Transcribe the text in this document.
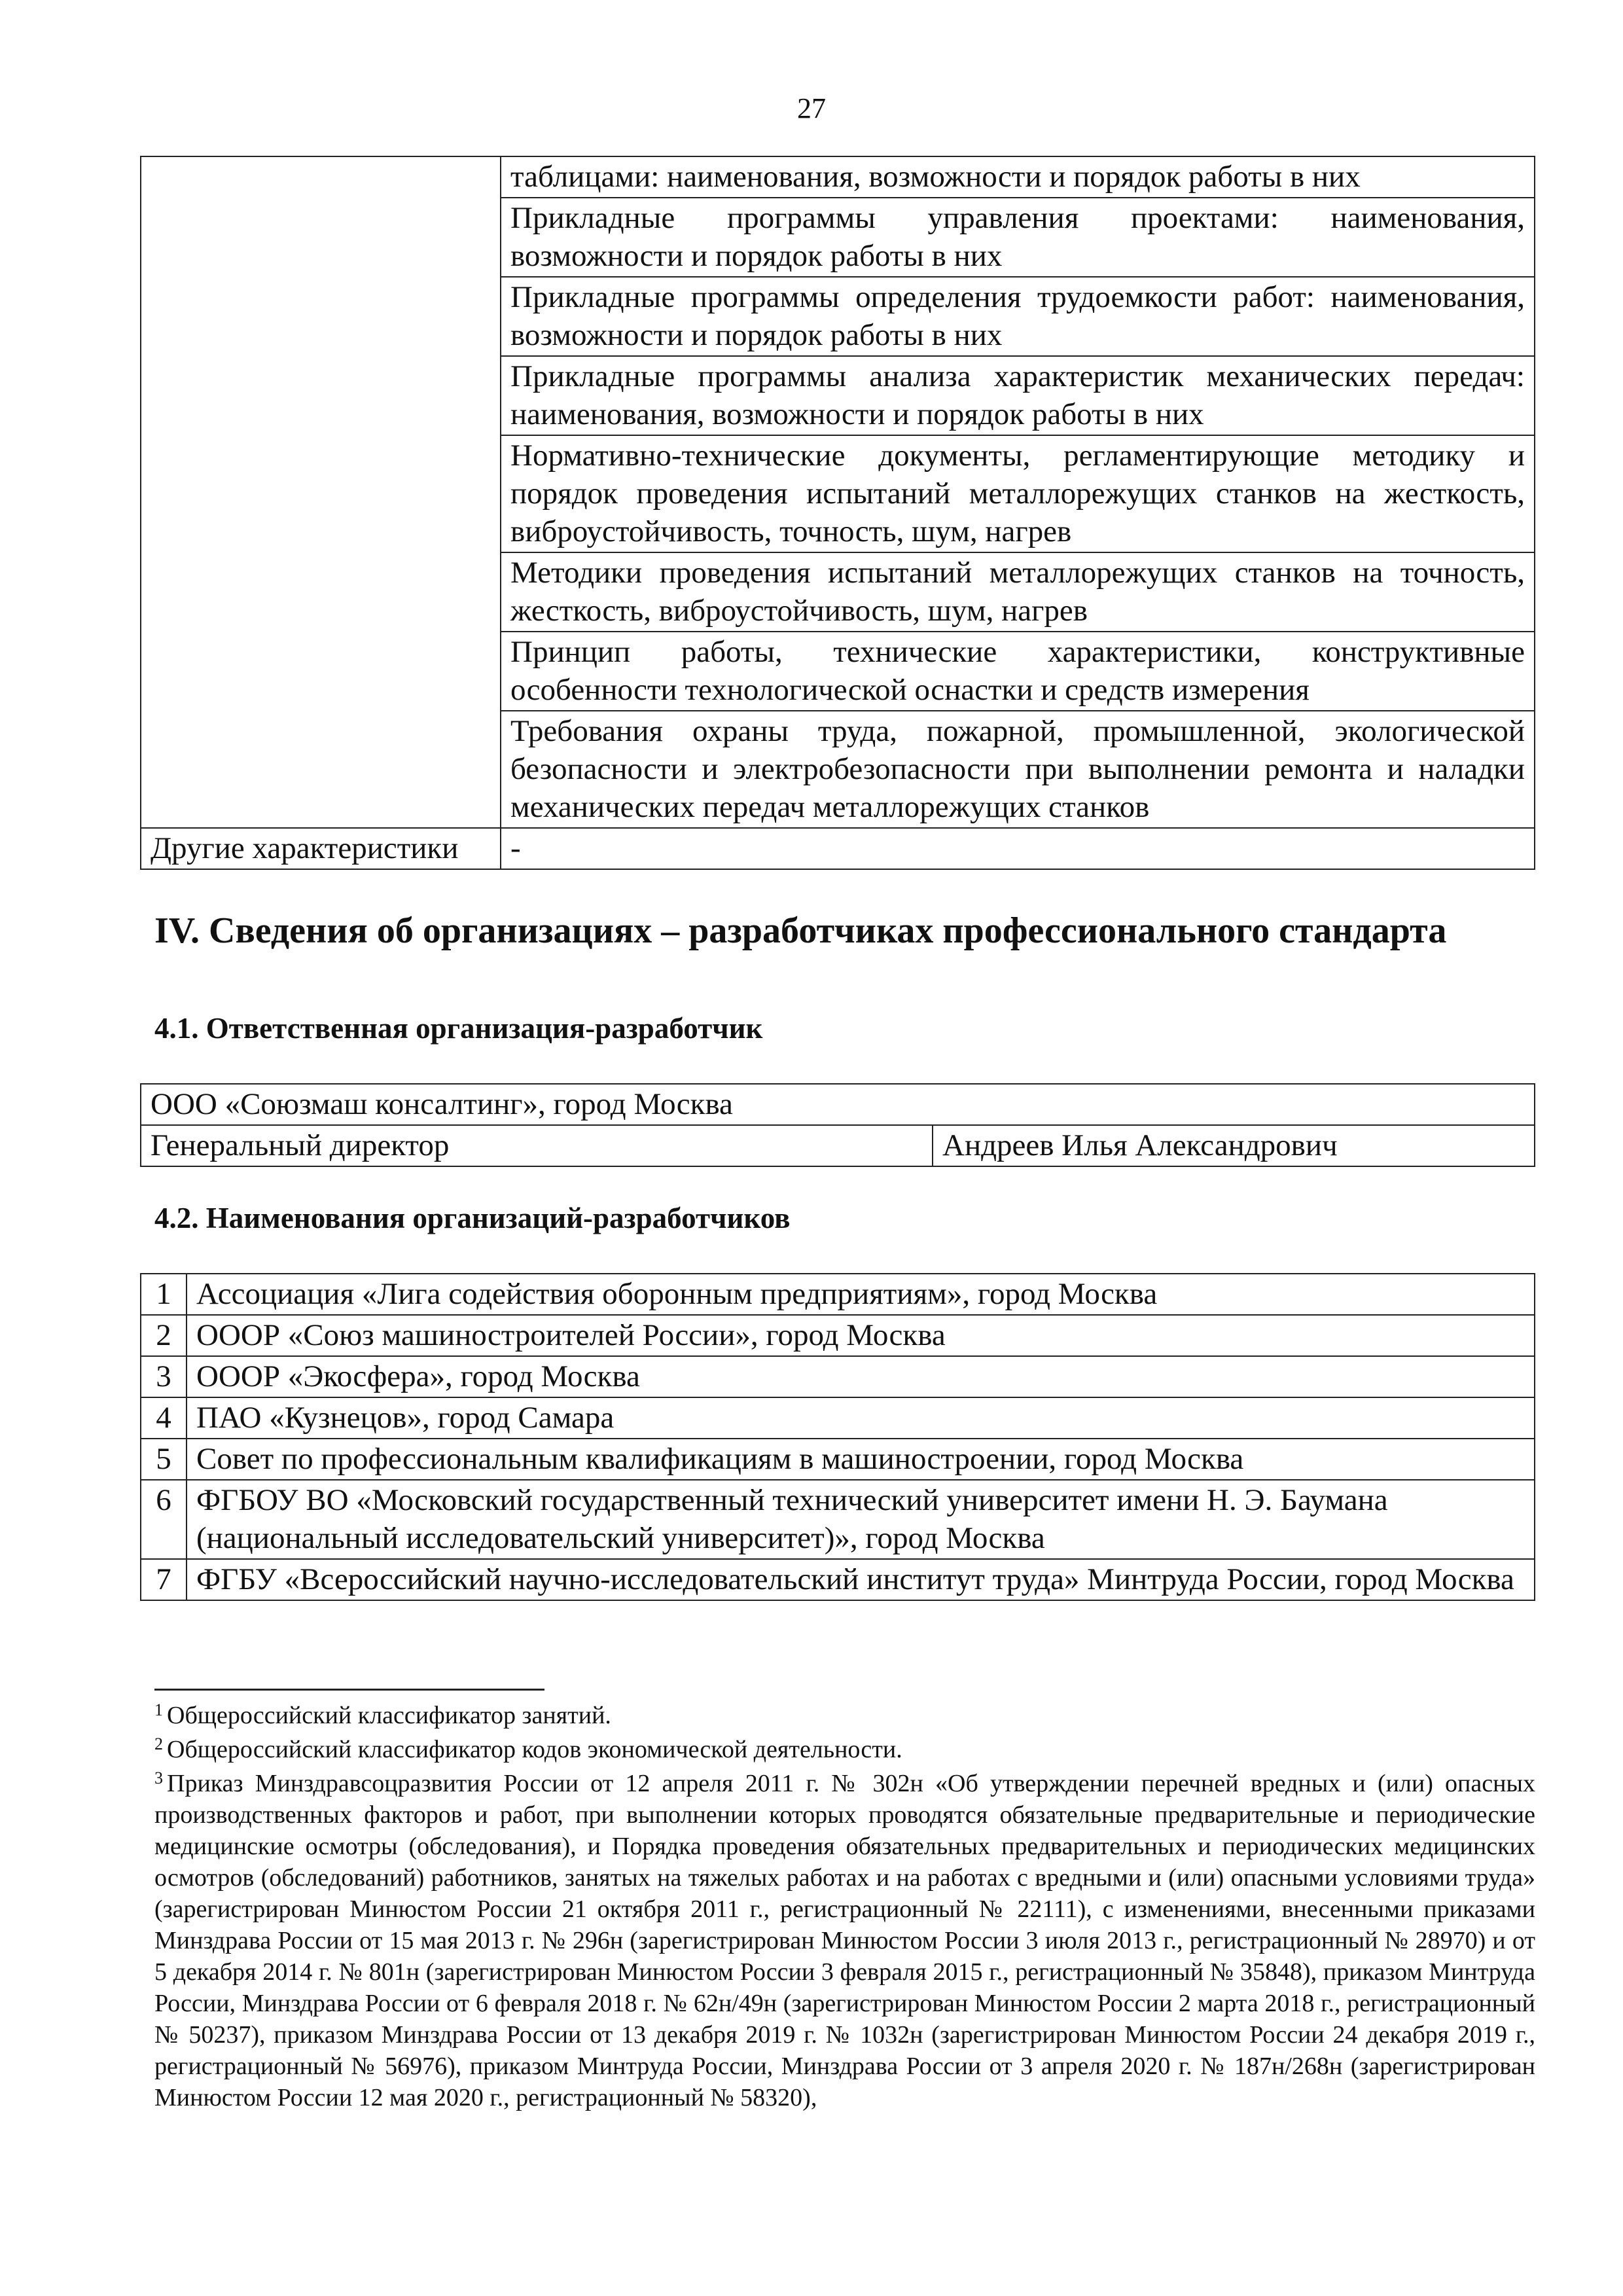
27

	таблицами: наименования, возможности и порядок работы в них

	Прикладные программы управления проектами: наименования, возможности и порядок работы в них

	Прикладные программы определения трудоемкости работ: наименования, возможности и порядок работы в них

	Прикладные программы анализа характеристик механических передач: наименования, возможности и порядок работы в них

	Нормативно-технические документы, регламентирующие методику и порядок проведения испытаний металлорежущих станков на жесткость, виброустойчивость, точность, шум, нагрев

	Методики проведения испытаний металлорежущих станков на точность, жесткость, виброустойчивость, шум, нагрев

	Принцип работы, технические характеристики, конструктивные особенности технологической оснастки и средств измерения

	Требования охраны труда, пожарной, промышленной, экологической безопасности и электробезопасности при выполнении ремонта и наладки механических передач металлорежущих станков

Другие характеристики	-
IV. Сведения об организациях – разработчиках профессионального стандарта
4.1. Ответственная организация-разработчик
ООО «Союзмаш консалтинг», город Москва
Генеральный директор	Андреев Илья Александрович
4.2. Наименования организаций-разработчиков
1	Ассоциация «Лига содействия оборонным предприятиям», город Москва
2	ОООР «Союз машиностроителей России», город Москва
3	ОООР «Экосфера», город Москва
4	ПАО «Кузнецов», город Самара
5	Совет по профессиональным квалификациям в машиностроении, город Москва
6	ФГБОУ ВО «Московский государственный технический университет имени Н. Э. Баумана (национальный исследовательский университет)», город Москва
7	ФГБУ «Всероссийский научно-исследовательский институт труда» Минтруда России, город Москва

$^1$ Общероссийский классификатор занятий.

$^2$ Общероссийский классификатор кодов экономической деятельности.

$^3$ Приказ Минздравсоцразвития России от 12 апреля 2011 г. № 302н «Об утверждении перечней вредных и (или) опасных производственных факторов и работ, при выполнении которых проводятся обязательные предварительные и периодические медицинские осмотры (обследования), и Порядка проведения обязательных предварительных и периодических медицинских осмотров (обследований) работников, занятых на тяжелых работах и на работах с вредными и (или) опасными условиями труда» (зарегистрирован Минюстом России 21 октября 2011 г., регистрационный № 22111), с изменениями, внесенными приказами Минздрава России от 15 мая 2013 г. № 296н (зарегистрирован Минюстом России 3 июля 2013 г., регистрационный № 28970) и от 5 декабря 2014 г. № 801н (зарегистрирован Минюстом России 3 февраля 2015 г., регистрационный № 35848), приказом Минтруда России, Минздрава России от 6 февраля 2018 г. № 62н/49н (зарегистрирован Минюстом России 2 марта 2018 г., регистрационный № 50237), приказом Минздрава России от 13 декабря 2019 г. № 1032н (зарегистрирован Минюстом России 24 декабря 2019 г., регистрационный № 56976), приказом Минтруда России, Минздрава России от 3 апреля 2020 г. № 187н/268н (зарегистрирован Минюстом России 12 мая 2020 г., регистрационный № 58320),
